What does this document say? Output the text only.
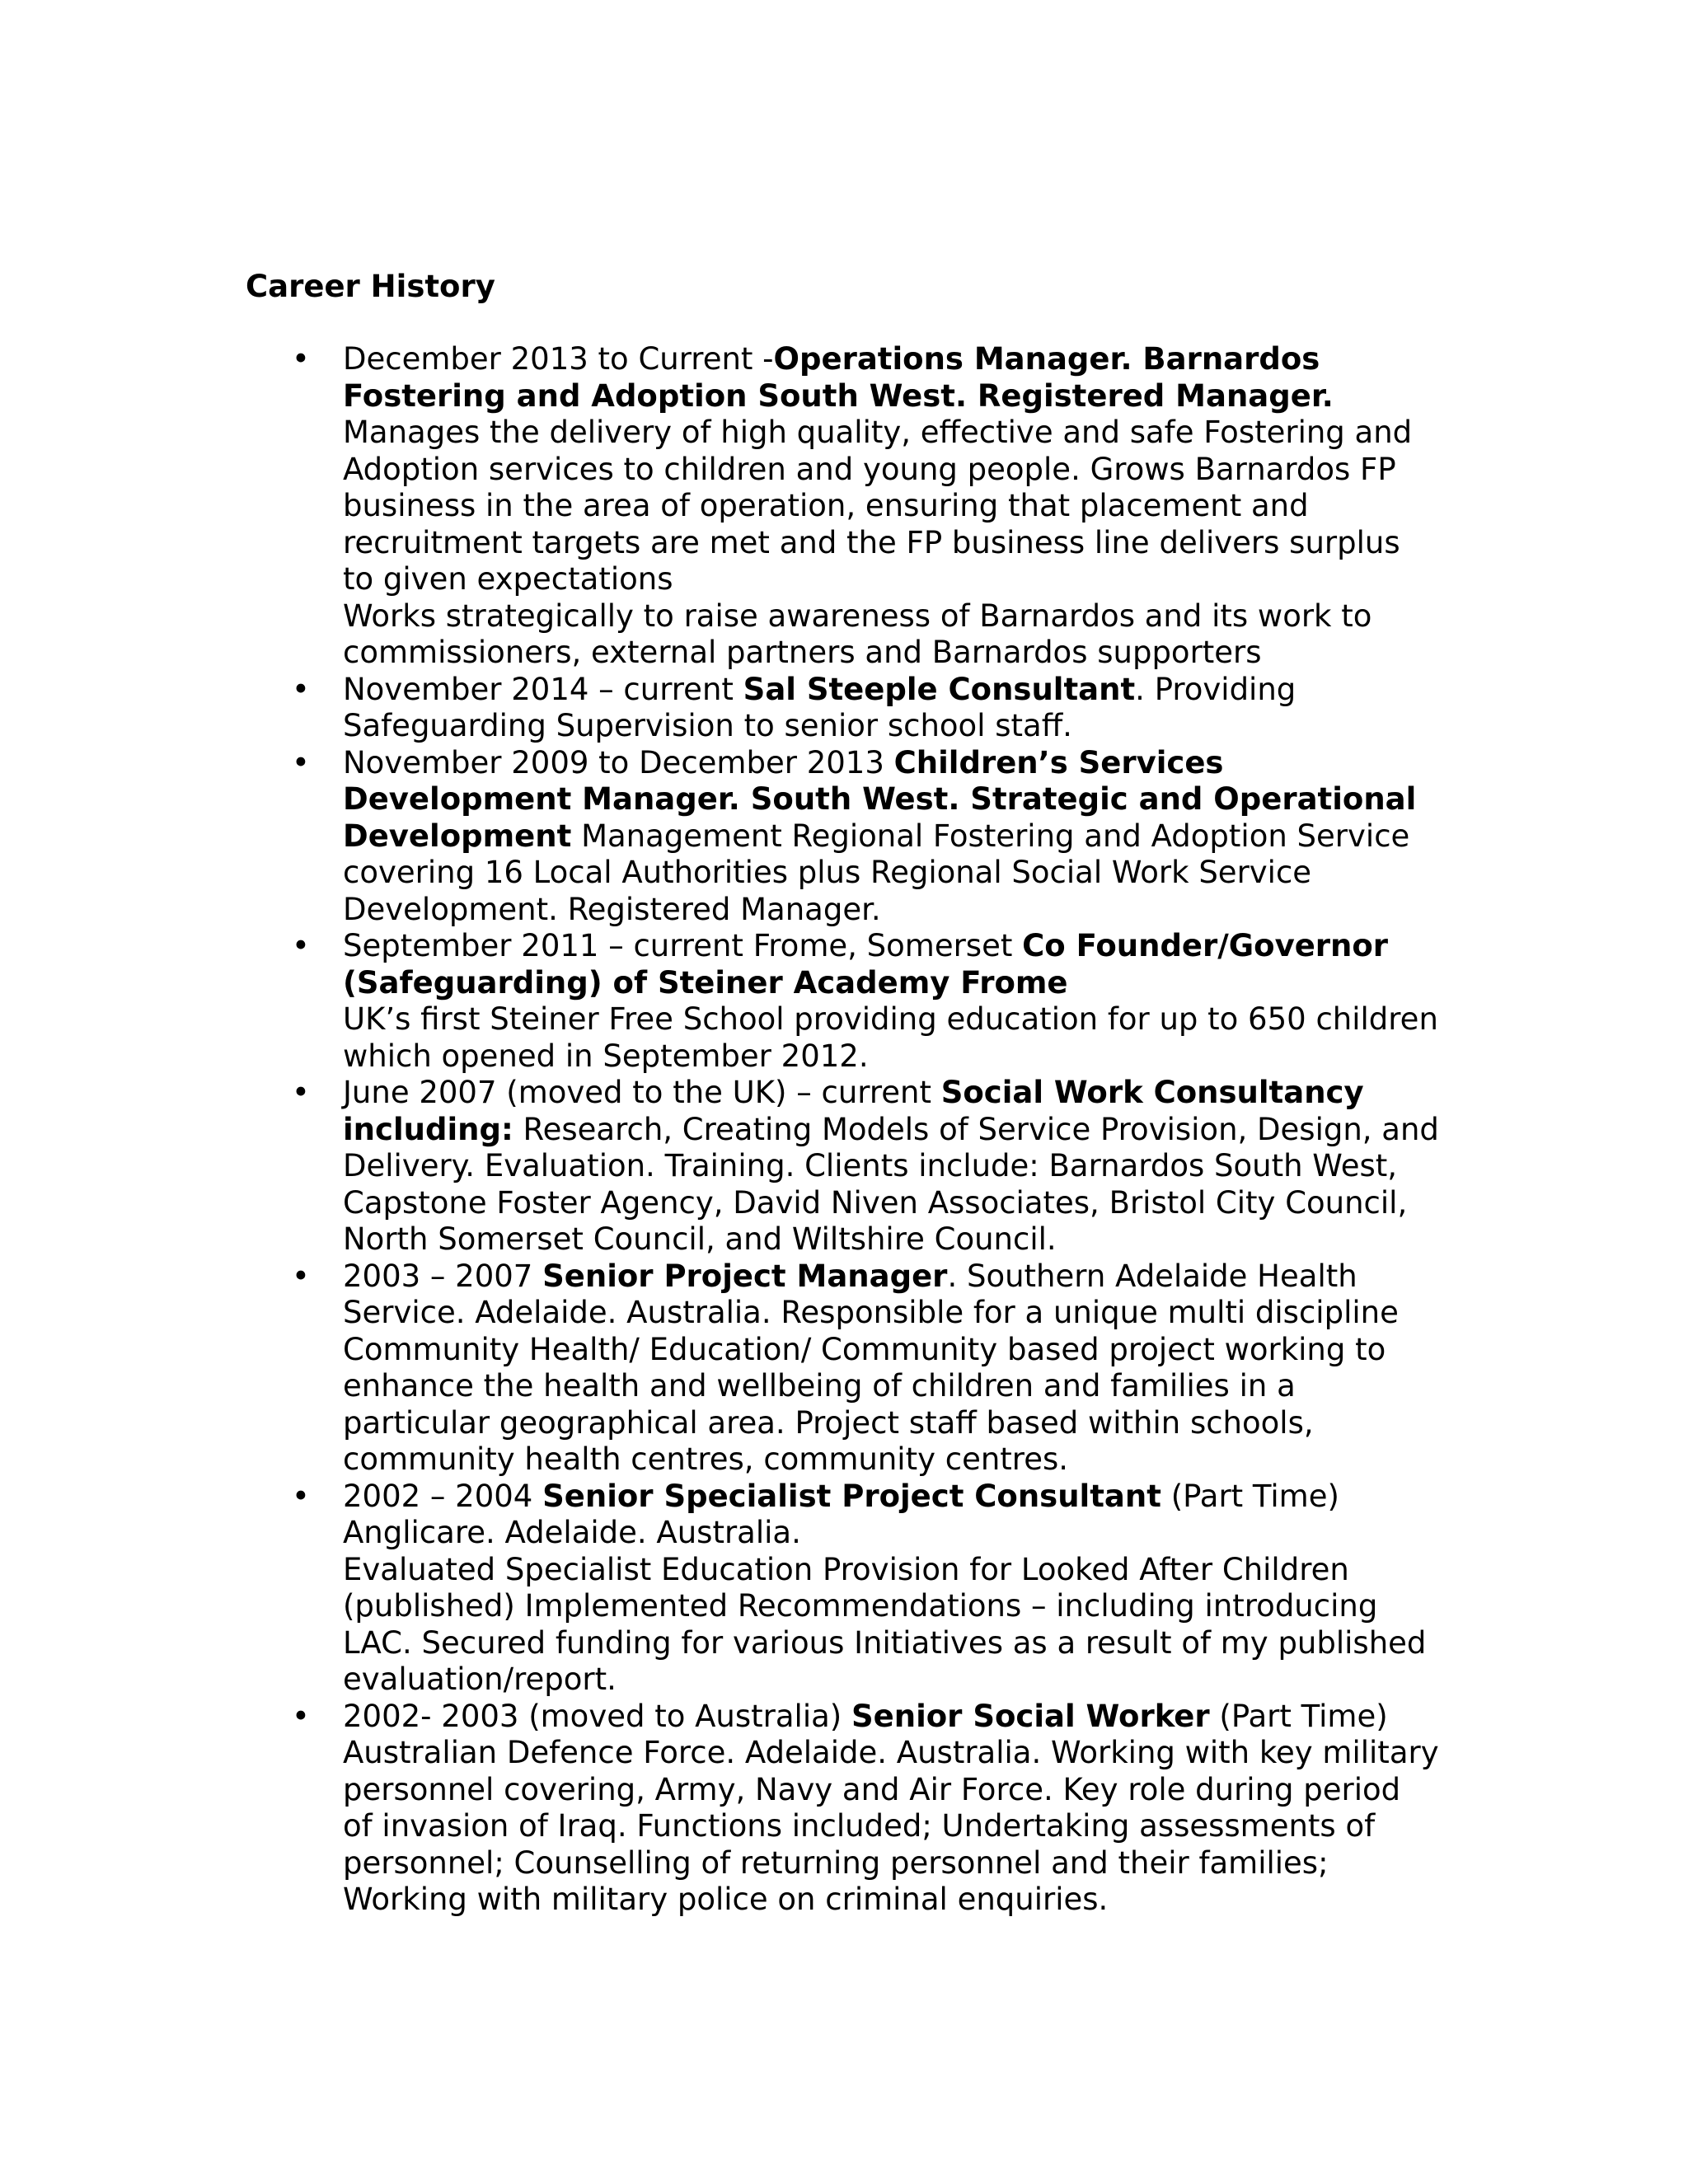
Career History
• December 2013 to Current -Operations Manager. Barnardos Fostering and Adoption South West. Registered Manager. Manages the delivery of high quality, effective and safe Fostering and Adoption services to children and young people. Grows Barnardos FP business in the area of operation, ensuring that placement and recruitment targets are met and the FP business line delivers surplus to given expectations
Works strategically to raise awareness of Barnardos and its work to commissioners, external partners and Barnardos supporters
• November 2014 – current Sal Steeple Consultant. Providing Safeguarding Supervision to senior school staff.
• November 2009 to December 2013 Children’s Services Development Manager. South West. Strategic and Operational Development Management Regional Fostering and Adoption Service covering 16 Local Authorities plus Regional Social Work Service Development. Registered Manager.
• September 2011 – current Frome, Somerset Co Founder/Governor (Safeguarding) of Steiner Academy Frome
UK’s first Steiner Free School providing education for up to 650 children which opened in September 2012.
• June 2007 (moved to the UK) – current Social Work Consultancy including: Research, Creating Models of Service Provision, Design, and Delivery. Evaluation. Training. Clients include: Barnardos South West, Capstone Foster Agency, David Niven Associates, Bristol City Council, North Somerset Council, and Wiltshire Council.
• 2003 – 2007 Senior Project Manager. Southern Adelaide Health Service. Adelaide. Australia. Responsible for a unique multi discipline Community Health/ Education/ Community based project working to enhance the health and wellbeing of children and families in a particular geographical area. Project staff based within schools, community health centres, community centres.
• 2002 – 2004 Senior Specialist Project Consultant (Part Time) Anglicare. Adelaide. Australia.
Evaluated Specialist Education Provision for Looked After Children (published) Implemented Recommendations – including introducing LAC. Secured funding for various Initiatives as a result of my published evaluation/report.
• 2002- 2003 (moved to Australia) Senior Social Worker (Part Time) Australian Defence Force. Adelaide. Australia. Working with key military personnel covering, Army, Navy and Air Force. Key role during period of invasion of Iraq. Functions included; Undertaking assessments of personnel; Counselling of returning personnel and their families; Working with military police on criminal enquiries.
